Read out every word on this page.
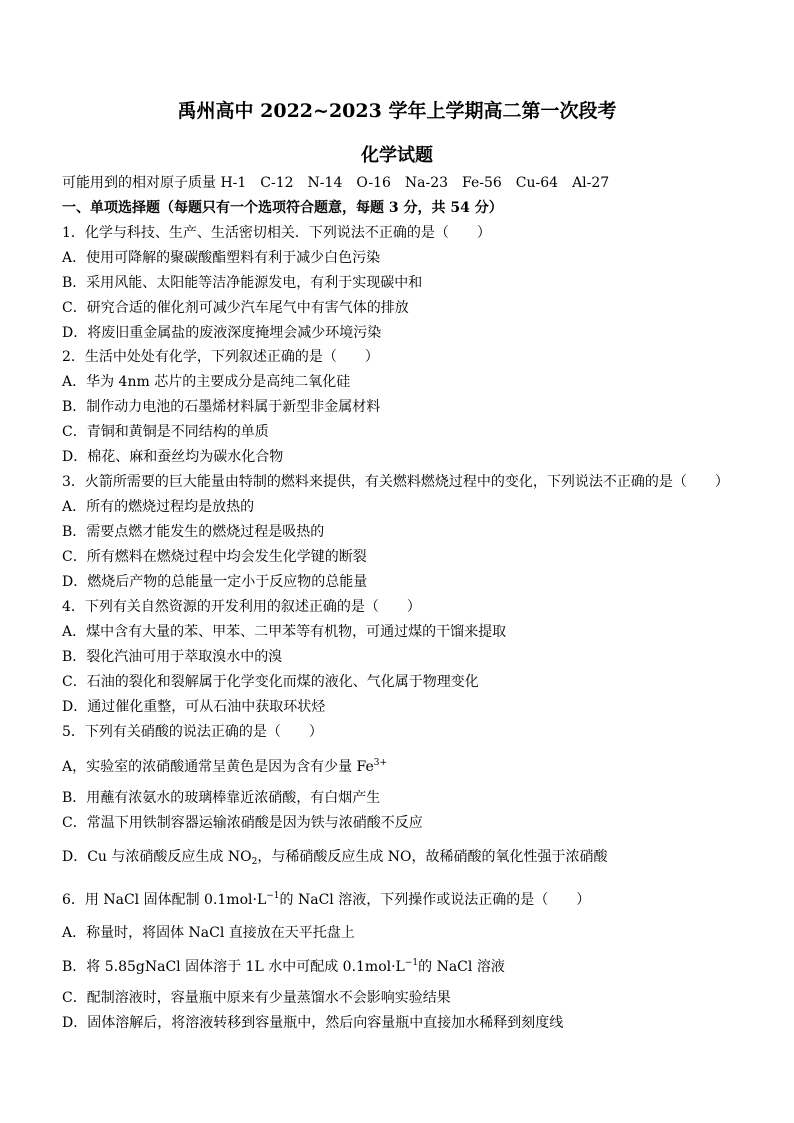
禹州高中 2022~2023 学年上学期高二第一次段考
化学试题
可能用到的相对原子质量 H-1　C-12　N-14　O-16　Na-23　Fe-56　Cu-64　Al-27
一、单项选择题（每题只有一个选项符合题意，每题 3 分，共 54 分）
1．化学与科技、生产、生活密切相关．下列说法不正确的是（　　）
A．使用可降解的聚碳酸酯塑料有利于减少白色污染
B．采用风能、太阳能等洁净能源发电，有利于实现碳中和
C．研究合适的催化剂可减少汽车尾气中有害气体的排放
D．将废旧重金属盐的废液深度掩埋会减少环境污染
2．生活中处处有化学，下列叙述正确的是（　　）
A．华为 4nm 芯片的主要成分是高纯二氧化硅
B．制作动力电池的石墨烯材料属于新型非金属材料
C．青铜和黄铜是不同结构的单质
D．棉花、麻和蚕丝均为碳水化合物
3．火箭所需要的巨大能量由特制的燃料来提供，有关燃料燃烧过程中的变化，下列说法不正确的是（　　）
A．所有的燃烧过程均是放热的
B．需要点燃才能发生的燃烧过程是吸热的
C．所有燃料在燃烧过程中均会发生化学键的断裂
D．燃烧后产物的总能量一定小于反应物的总能量
4．下列有关自然资源的开发利用的叙述正确的是（　　）
A．煤中含有大量的苯、甲苯、二甲苯等有机物，可通过煤的干馏来提取
B．裂化汽油可用于萃取溴水中的溴
C．石油的裂化和裂解属于化学变化而煤的液化、气化属于物理变化
D．通过催化重整，可从石油中获取环状烃
5．下列有关硝酸的说法正确的是（　　）
A，实验室的浓硝酸通常呈黄色是因为含有少量 $Fe^{3+}$
B．用蘸有浓氨水的玻璃棒靠近浓硝酸，有白烟产生
C．常温下用铁制容器运输浓硝酸是因为铁与浓硝酸不反应
D．Cu 与浓硝酸反应生成 $NO_2$，与稀硝酸反应生成 NO，故稀硝酸的氧化性强于浓硝酸
6．用 NaCl 固体配制 $0.1mol\cdot L^{-1}$的 NaCl 溶液，下列操作或说法正确的是（　　）
A．称量时，将固体 NaCl 直接放在天平托盘上
B．将 5.85gNaCl 固体溶于 1L 水中可配成 $0.1mol\cdot L^{-1}$的 NaCl 溶液
C．配制溶液时，容量瓶中原来有少量蒸馏水不会影响实验结果
D．固体溶解后，将溶液转移到容量瓶中，然后向容量瓶中直接加水稀释到刻度线
